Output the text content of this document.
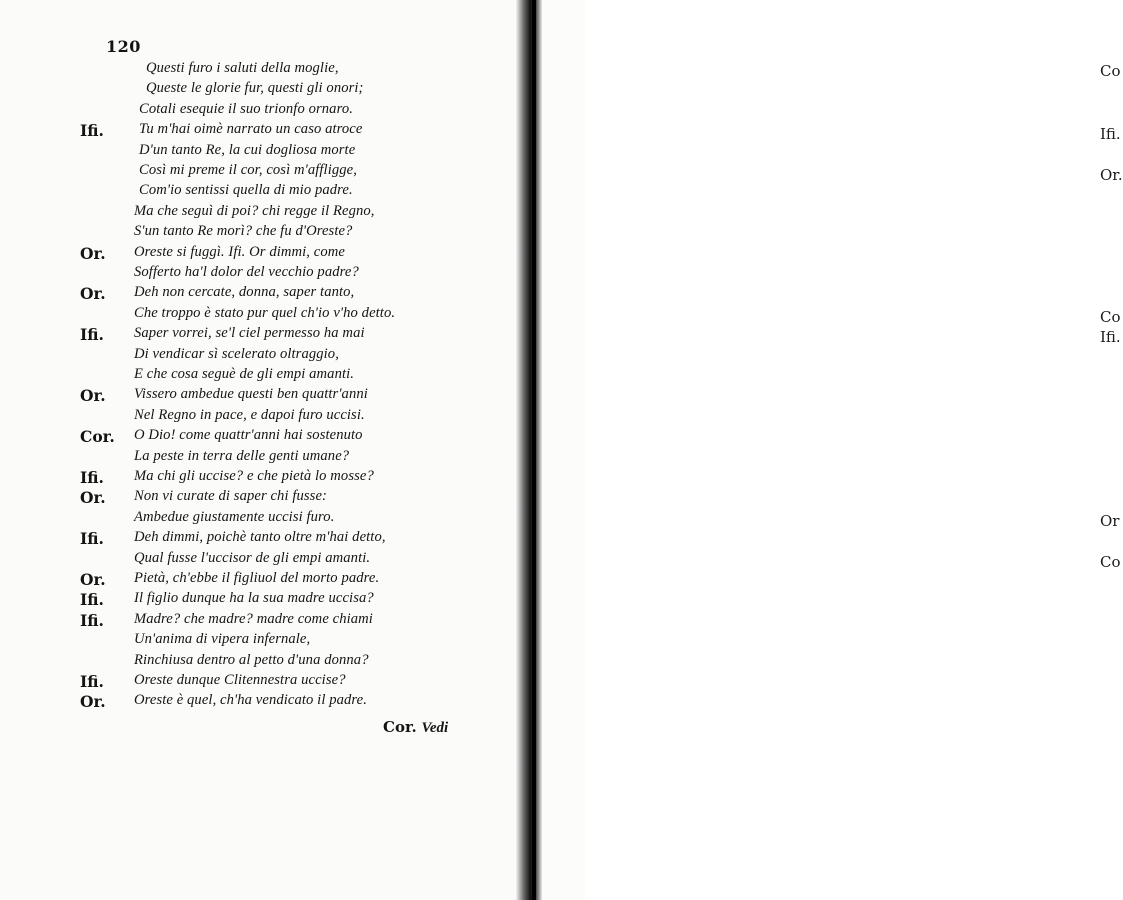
120
Questi furo i saluti della moglie,
Queste le glorie fur, questi gli onori;
Cotali esequie il suo trionfo ornaro.
Ifi. Tu m'hai oimè narrato un caso atroce
D'un tanto Re, la cui dogliosa morte
Così mi preme il cor, così m'affligge,
Com'io sentissi quella di mio padre.
Ma che seguì di poi? chi regge il Regno,
S'un tanto Re morì? che fu d'Oreste?
Or. Oreste si fuggì. Ifi. Or dimmi, come
Sofferto ha'l dolor del vecchio padre?
Or. Deh non cercate, donna, saper tanto,
Che troppo è stato pur quel ch'io v'ho detto.
Ifi. Saper vorrei, se'l ciel permesso ha mai
Di vendicar sì scelerato oltraggio,
E che cosa seguè de gli empi amanti.
Or. Vissero ambedue questi ben quattr'anni
Nel Regno in pace, e dapoi furo uccisi.
Cor. O Dio! come quattr'anni hai sostenuto
La peste in terra delle genti umane?
Ifi. Ma chi gli uccise? e che pietà lo mosse?
Or. Non vi curate di saper chi fusse:
Ambedue giustamente uccisi furo.
Ifi. Deh dimmi, poichè tanto oltre m'hai detto,
Qual fusse l'uccisor de gli empi amanti.
Or. Pietà, ch'ebbe il figliuol del morto padre.
Ifi. Il figlio dunque ha la sua madre uccisa?
Ifi. Madre? che madre? madre come chiami
Un'anima di vipera infernale,
Rinchiusa dentro al petto d'una donna?
Ifi. Oreste dunque Clitennestra uccise?
Or. Oreste è quel, ch'ha vendicato il padre.
Cor. Vedi
Co
Ifi.
Or.
Co
Ifi.
Or
Co
